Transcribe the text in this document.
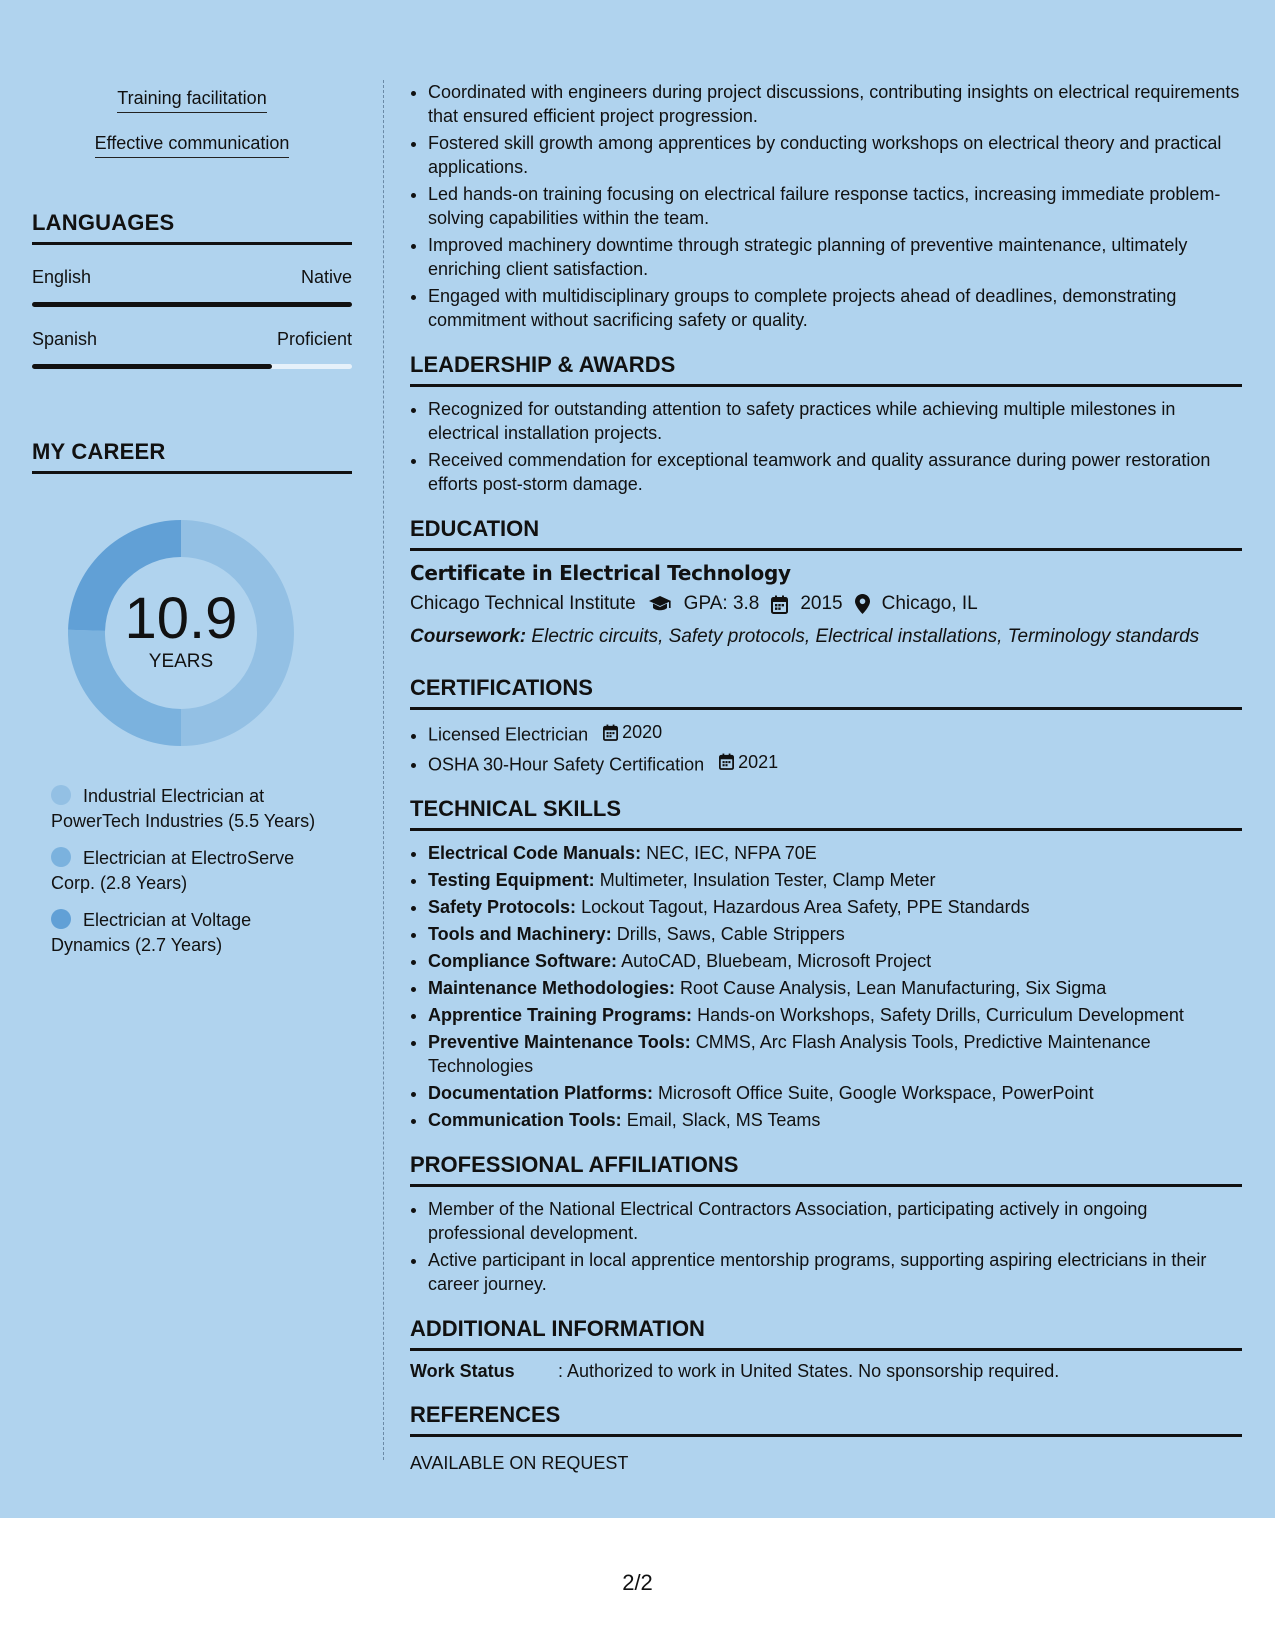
Training facilitation
Effective communication
LANGUAGES
English	Native
Spanish	Proficient
MY CAREER
10.9
YEARS
Industrial Electrician at PowerTech Industries (5.5 Years)
Electrician at ElectroServe Corp. (2.8 Years)
Electrician at Voltage Dynamics (2.7 Years)
• Coordinated with engineers during project discussions, contributing insights on electrical requirements that ensured efficient project progression.
• Fostered skill growth among apprentices by conducting workshops on electrical theory and practical applications.
• Led hands-on training focusing on electrical failure response tactics, increasing immediate problem-solving capabilities within the team.
• Improved machinery downtime through strategic planning of preventive maintenance, ultimately enriching client satisfaction.
• Engaged with multidisciplinary groups to complete projects ahead of deadlines, demonstrating commitment without sacrificing safety or quality.
LEADERSHIP & AWARDS
• Recognized for outstanding attention to safety practices while achieving multiple milestones in electrical installation projects.
• Received commendation for exceptional teamwork and quality assurance during power restoration efforts post-storm damage.
EDUCATION
Certificate in Electrical Technology
Chicago Technical Institute	GPA: 3.8 2015 Chicago, IL
Coursework: Electric circuits, Safety protocols, Electrical installations, Terminology standards
CERTIFICATIONS
• Licensed Electrician 2020
• OSHA 30-Hour Safety Certification 2021
TECHNICAL SKILLS
• Electrical Code Manuals: NEC, IEC, NFPA 70E
• Testing Equipment: Multimeter, Insulation Tester, Clamp Meter
• Safety Protocols: Lockout Tagout, Hazardous Area Safety, PPE Standards
• Tools and Machinery: Drills, Saws, Cable Strippers
• Compliance Software: AutoCAD, Bluebeam, Microsoft Project
• Maintenance Methodologies: Root Cause Analysis, Lean Manufacturing, Six Sigma
• Apprentice Training Programs: Hands-on Workshops, Safety Drills, Curriculum Development
• Preventive Maintenance Tools: CMMS, Arc Flash Analysis Tools, Predictive Maintenance Technologies
• Documentation Platforms: Microsoft Office Suite, Google Workspace, PowerPoint
• Communication Tools: Email, Slack, MS Teams
PROFESSIONAL AFFILIATIONS
• Member of the National Electrical Contractors Association, participating actively in ongoing professional development.
• Active participant in local apprentice mentorship programs, supporting aspiring electricians in their career journey.
ADDITIONAL INFORMATION
Work Status	: Authorized to work in United States. No sponsorship required.
REFERENCES
AVAILABLE ON REQUEST
2/2
